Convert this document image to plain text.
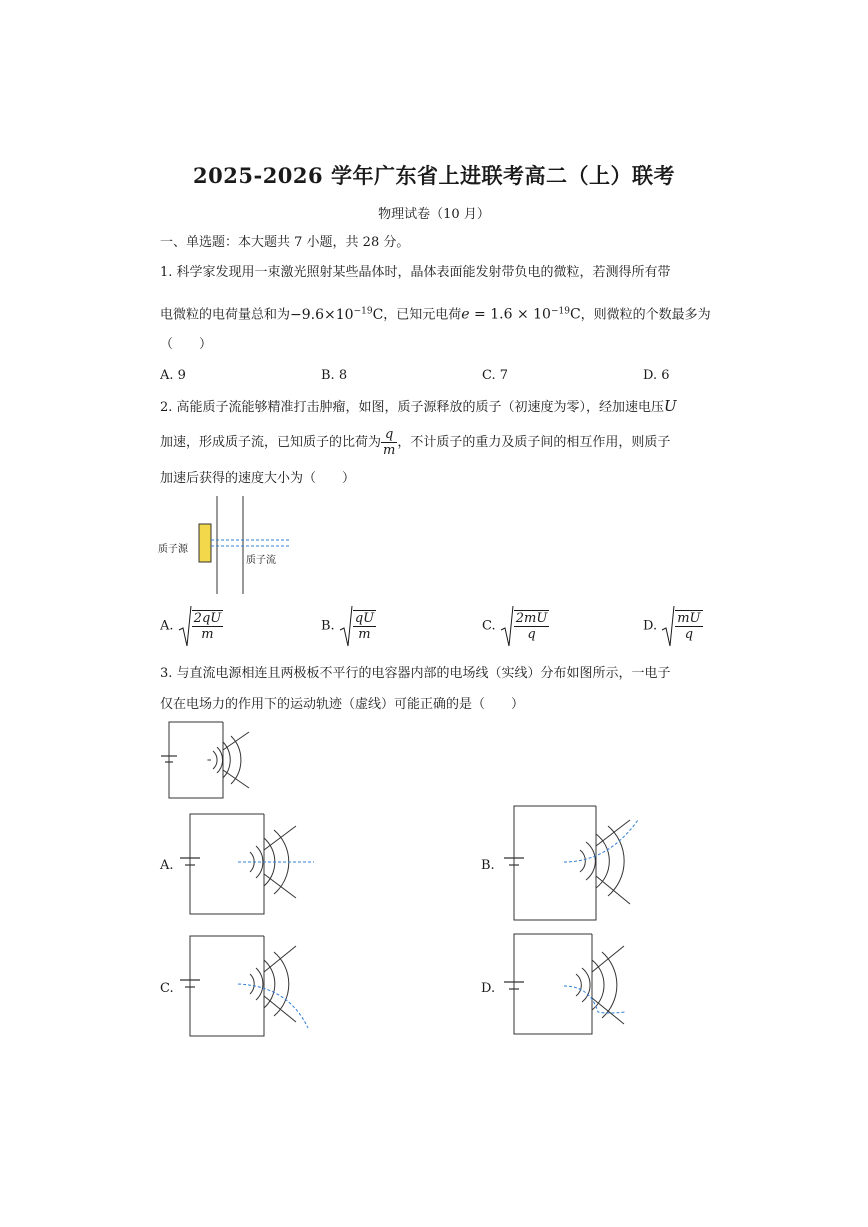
2025-2026 学年广东省上进联考高二（上）联考
物理试卷（10 月）
一、单选题：本大题共 7 小题，共 28 分。
1. 科学家发现用一束激光照射某些晶体时，晶体表面能发射带负电的微粒，若测得所有带
电微粒的电荷量总和为$-9.6\times 10^{-19}C$，已知元电荷$e = 1.6 \times 10^{-19}C$，则微粒的个数最多为
（　　）
A. 9	B. 8	C. 7	D. 6
2. 高能质子流能够精准打击肿瘤，如图，质子源释放的质子（初速度为零），经加速电压U
加速，形成质子流，已知质子的比荷为 $\frac{q}{m}$ ，不计质子的重力及质子间的相互作用，则质子
加速后获得的速度大小为（　　）
质子源
质子流
A. $\frac{2qU}{m}$	B. $\frac{qU}{m}$	C. $\frac{2mU}{q}$	D. $\frac{mU}{q}$
3. 与直流电源相连且两极板不平行的电容器内部的电场线（实线）分布如图所示，一电子
仅在电场力的作用下的运动轨迹（虚线）可能正确的是（　　）
A.	B.
C.	D.
